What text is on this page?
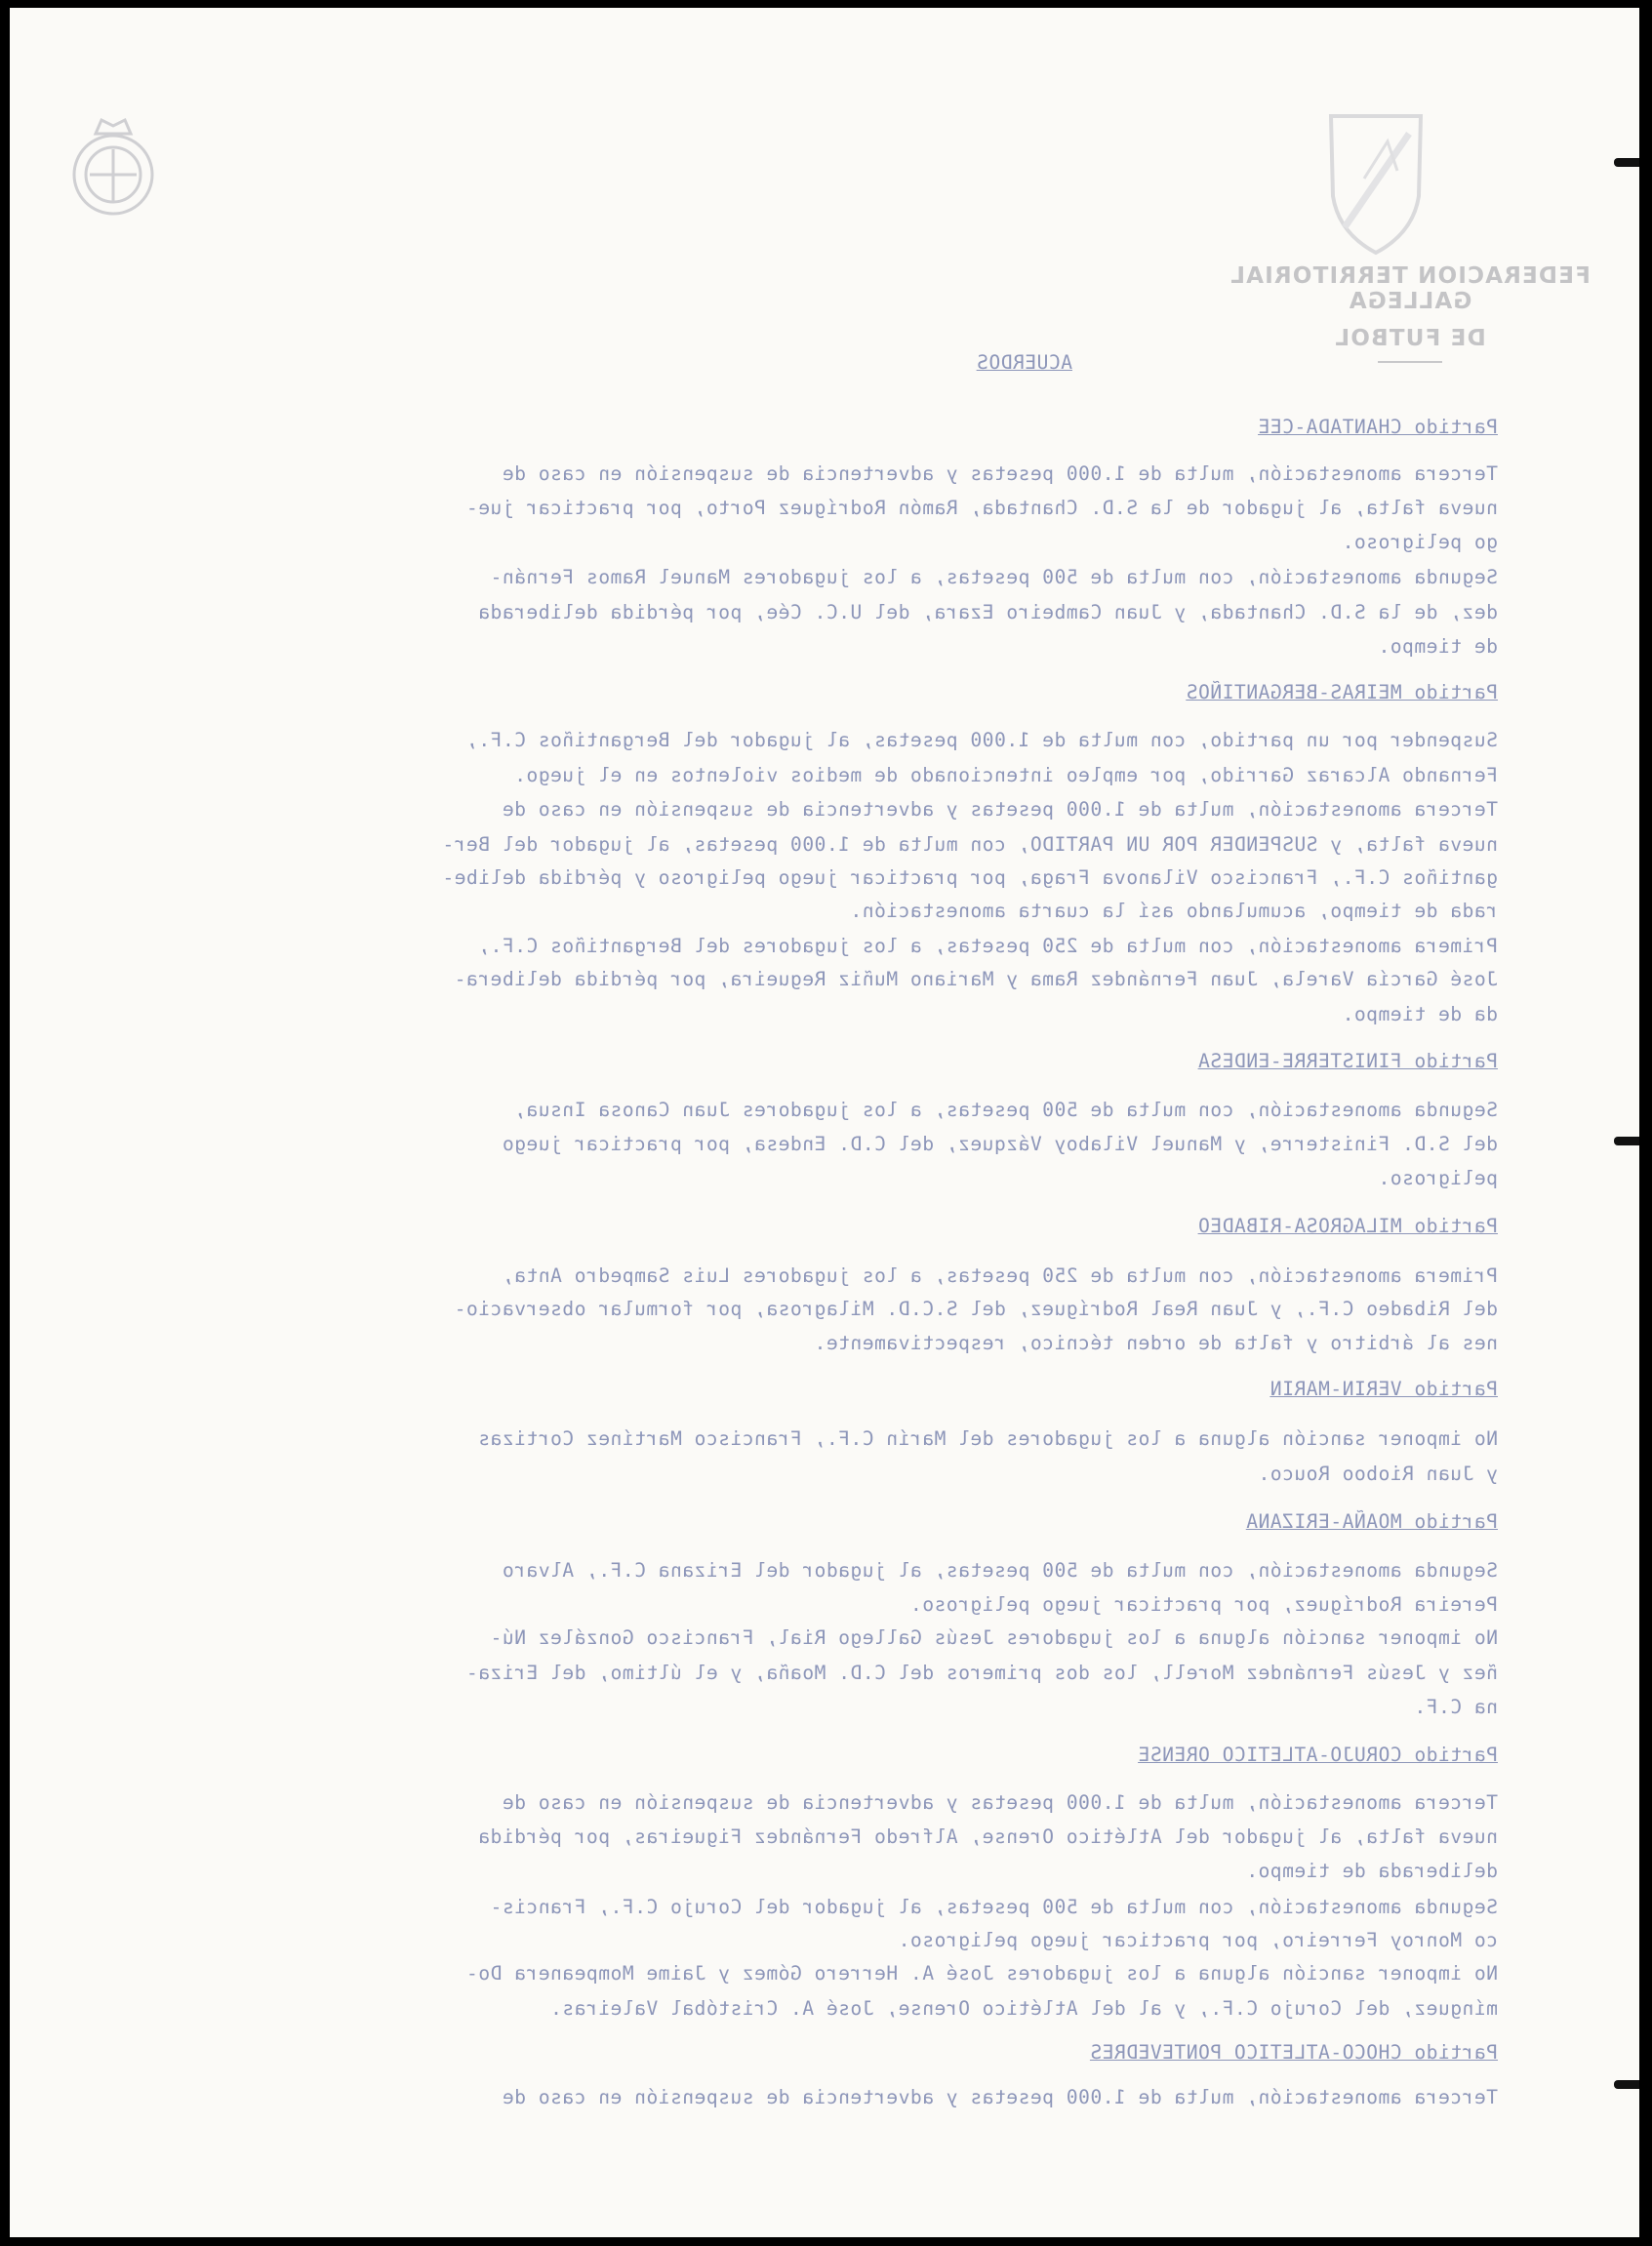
FEDERACION TERRITORIAL GALLEGA
DE FUTBOL
ACUERDOS
Partido CHANTADA-CEE
Tercera amonestación, multa de 1.000 pesetas y advertencia de suspensión en caso de
nueva falta, al jugador de la S.D. Chantada, Ramón Rodríguez Porto, por practicar jue-
go peligroso.
Segunda amonestación, con multa de 500 pesetas, a los jugadores Manuel Ramos Fernán-
dez, de la S.D. Chantada, y Juan Cambeiro Ezara, del U.C. Cée, por pérdida deliberada
de tiempo.
Partido MEIRAS-BERGANTIÑOS
Suspender por un partido, con multa de 1.000 pesetas, al jugador del Bergantiños C.F.,
Fernando Alcaraz Garrido, por empleo intencionado de medios violentos en el juego.
Tercera amonestación, multa de 1.000 pesetas y advertencia de suspensión en caso de
nueva falta, y SUSPENDER POR UN PARTIDO, con multa de 1.000 pesetas, al jugador del Ber-
gantiños C.F., Francisco Vilanova Fraga, por practicar juego peligroso y pérdida delibe-
rada de tiempo, acumulando así la cuarta amonestación.
Primera amonestación, con multa de 250 pesetas, a los jugadores del Bergantiños C.F.,
José García Varela, Juan Fernández Rama y Mariano Muñiz Regueira, por pérdida delibera-
da de tiempo.
Partido FINISTERRE-ENDESA
Segunda amonestación, con multa de 500 pesetas, a los jugadores Juan Canosa Insua,
del S.D. Finisterre, y Manuel Vilaboy Vázquez, del C.D. Endesa, por practicar juego
peligroso.
Partido MILAGROSA-RIBADEO
Primera amonestación, con multa de 250 pesetas, a los jugadores Luis Sampedro Anta,
del Ribadeo C.F., y Juan Real Rodríguez, del S.C.D. Milagrosa, por formular observacio-
nes al árbitro y falta de orden técnico, respectivamente.
Partido VERIN-MARIN
No imponer sanción alguna a los jugadores del Marín C.F., Francisco Martínez Cortizas
y Juan Rioboo Rouco.
Partido MOAÑA-ERIZANA
Segunda amonestación, con multa de 500 pesetas, al jugador del Erizana C.F., Alvaro
Pereira Rodríguez, por practicar juego peligroso.
No imponer sanción alguna a los jugadores Jesús Gallego Rial, Francisco González Nú-
ñez y Jesús Fernández Morell, los dos primeros del C.D. Moaña, y el último, del Eriza-
na C.F.
Partido CORUJO-ATLETICO ORENSE
Tercera amonestación, multa de 1.000 pesetas y advertencia de suspensión en caso de
nueva falta, al jugador del Atlético Orense, Alfredo Fernández Figueiras, por pérdida
deliberada de tiempo.
Segunda amonestación, con multa de 500 pesetas, al jugador del Corujo C.F., Francis-
co Monroy Ferreiro, por practicar juego peligroso.
No imponer sanción alguna a los jugadores José A. Herrero Gómez y Jaime Mompeanera Do-
mínguez, del Corujo C.F., y al del Atlético Orense, José A. Cristóbal Valeiras.
Partido CHOCO-ATLETICO PONTEVEDRES
Tercera amonestación, multa de 1.000 pesetas y advertencia de suspensión en caso de
